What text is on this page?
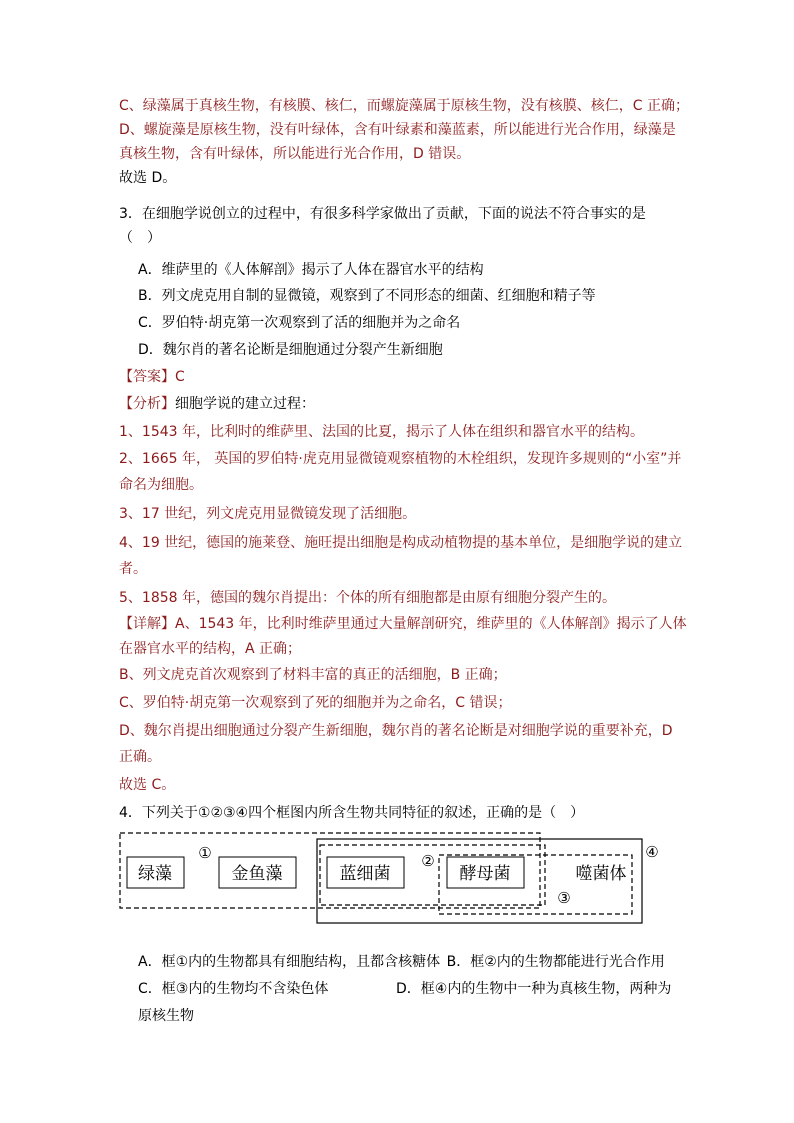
C、绿藻属于真核生物，有核膜、核仁，而螺旋藻属于原核生物，没有核膜、核仁，C 正确；
D、螺旋藻是原核生物，没有叶绿体，含有叶绿素和藻蓝素，所以能进行光合作用，绿藻是
真核生物，含有叶绿体，所以能进行光合作用，D 错误。
故选 D。
3．在细胞学说创立的过程中，有很多科学家做出了贡献，下面的说法不符合事实的是
（　）
A．维萨里的《人体解剖》揭示了人体在器官水平的结构
B．列文虎克用自制的显微镜，观察到了不同形态的细菌、红细胞和精子等
C．罗伯特·胡克第一次观察到了活的细胞并为之命名
D．魏尔肖的著名论断是细胞通过分裂产生新细胞
【答案】C
【分析】细胞学说的建立过程：
1、1543 年，比利时的维萨里、法国的比夏，揭示了人体在组织和器官水平的结构。
2、1665 年， 英国的罗伯特·虎克用显微镜观察植物的木栓组织，发现许多规则的“小室”并
命名为细胞。
3、17 世纪，列文虎克用显微镜发现了活细胞。
4、19 世纪，德国的施莱登、施旺提出细胞是构成动植物提的基本单位，是细胞学说的建立
者。
5、1858 年，德国的魏尔肖提出：个体的所有细胞都是由原有细胞分裂产生的。
【详解】A、1543 年，比利时维萨里通过大量解剖研究，维萨里的《人体解剖》揭示了人体
在器官水平的结构，A 正确；
B、列文虎克首次观察到了材料丰富的真正的活细胞，B 正确；
C、罗伯特·胡克第一次观察到了死的细胞并为之命名，C 错误；
D、魏尔肖提出细胞通过分裂产生新细胞，魏尔肖的著名论断是对细胞学说的重要补充，D
正确。
故选 C。
4．下列关于①②③④四个框图内所含生物共同特征的叙述，正确的是（　）
绿藻	金鱼藻	蓝细菌	酵母菌	噬菌体
①	②
③
④
A．框①内的生物都具有细胞结构，且都含核糖体 B．框②内的生物都能进行光合作用
C．框③内的生物均不含染色体	D．框④内的生物中一种为真核生物，两种为
原核生物
